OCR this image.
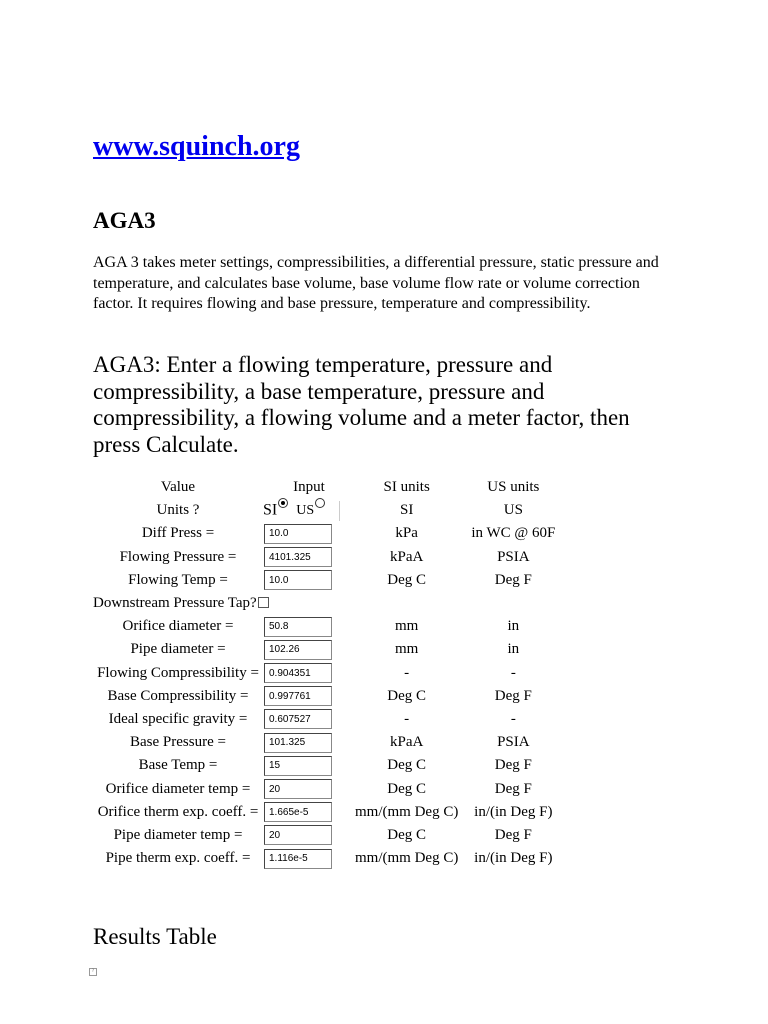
www.squinch.org
AGA3
AGA 3 takes meter settings, compressibilities, a differential pressure, static pressure and temperature, and calculates base volume, base volume flow rate or volume correction factor. It requires flowing and base pressure, temperature and compressibility.
AGA3: Enter a flowing temperature, pressure and compressibility, a base temperature, pressure and compressibility, a flowing volume and a meter factor, then press Calculate.
Value	Input	SI units	US units
Units ?	SI US	SI	US
Diff Press =	10.0	kPa	in WC @ 60F
Flowing Pressure =	4101.325	kPaA	PSIA
Flowing Temp =	10.0	Deg C	Deg F
Downstream Pressure Tap?			
Orifice diameter =	50.8	mm	in
Pipe diameter =	102.26	mm	in
Flowing Compressibility =	0.904351	-	-
Base Compressibility =	0.997761	Deg C	Deg F
Ideal specific gravity =	0.607527	-	-
Base Pressure =	101.325	kPaA	PSIA
Base Temp =	15	Deg C	Deg F
Orifice diameter temp =	20	Deg C	Deg F
Orifice therm exp. coeff. =	1.665e-5	mm/(mm Deg C)	in/(in Deg F)
Pipe diameter temp =	20	Deg C	Deg F
Pipe therm exp. coeff. =	1.116e-5	mm/(mm Deg C)	in/(in Deg F)
Results Table
?
